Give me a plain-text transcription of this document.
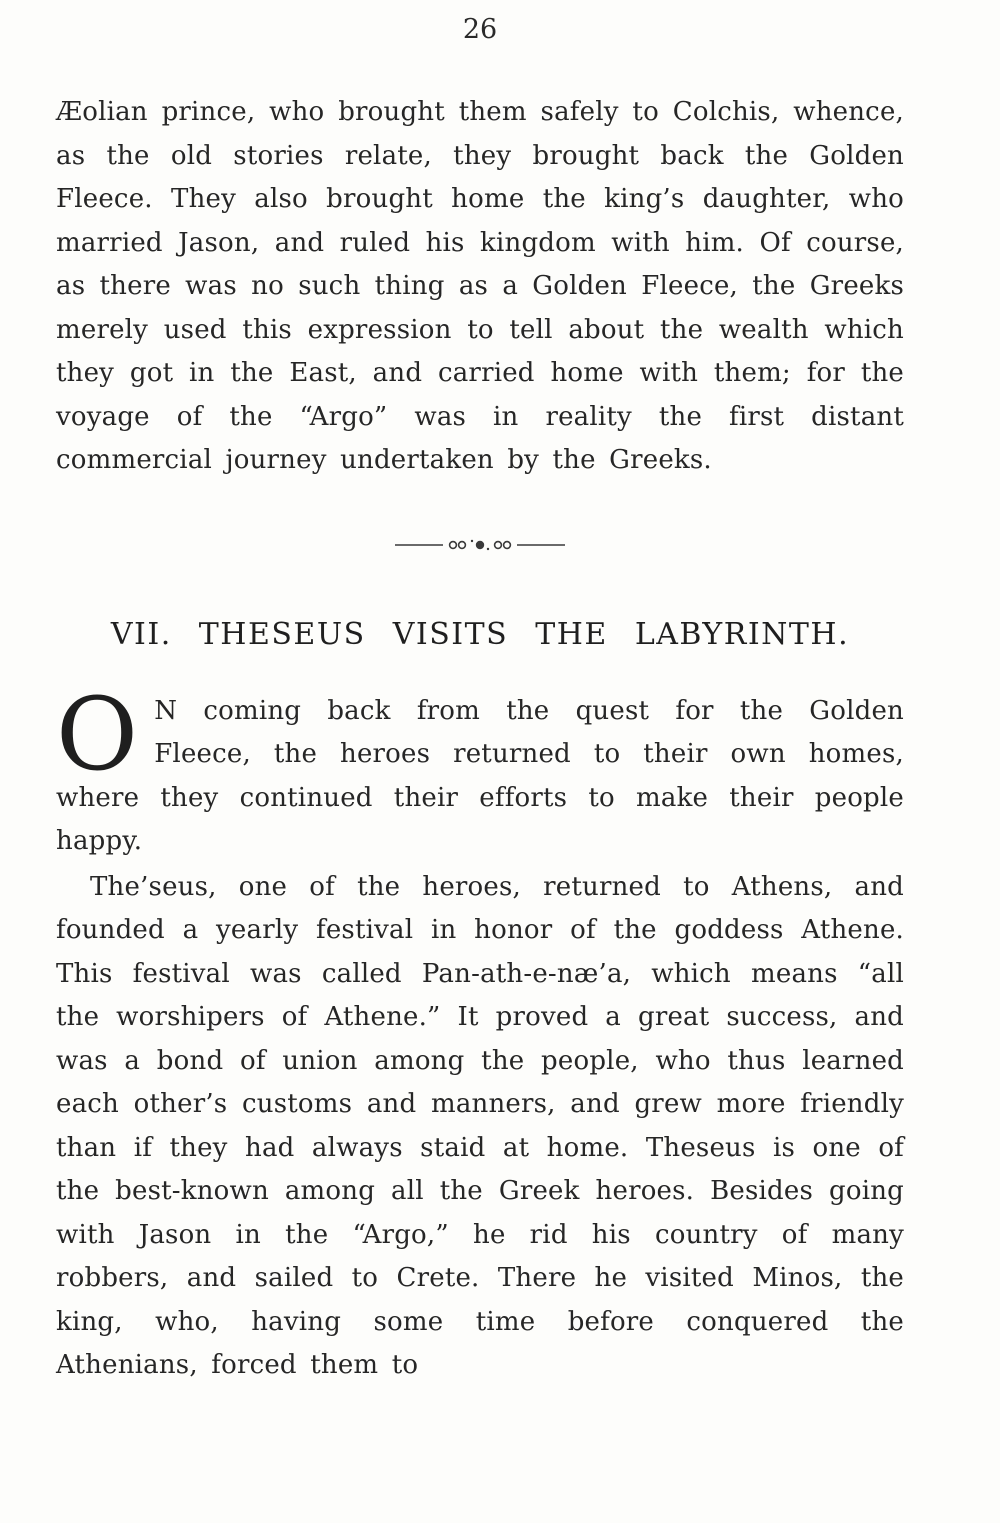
26

Æolian prince, who brought them safely to Colchis, whence, as the old stories relate, they brought back the Golden Fleece. They also brought home the king’s daughter, who married Jason, and ruled his kingdom with him. Of course, as there was no such thing as a Golden Fleece, the Greeks merely used this expression to tell about the wealth which they got in the East, and carried home with them; for the voyage of the “Argo” was in reality the first distant commercial journey undertaken by the Greeks.

VII. THESEUS VISITS THE LABYRINTH.

O N coming back from the quest for the Golden Fleece, the heroes returned to their own homes, where they continued their efforts to make their people happy.

The’seus, one of the heroes, returned to Athens, and founded a yearly festival in honor of the goddess Athene. This festival was called Pan-ath-e-næ’a, which means “all the worshipers of Athene.” It proved a great success, and was a bond of union among the people, who thus learned each other’s customs and manners, and grew more friendly than if they had always staid at home. Theseus is one of the best-known among all the Greek heroes. Besides going with Jason in the “Argo,” he rid his country of many robbers, and sailed to Crete. There he visited Minos, the king, who, having some time before conquered the Athenians, forced them to
